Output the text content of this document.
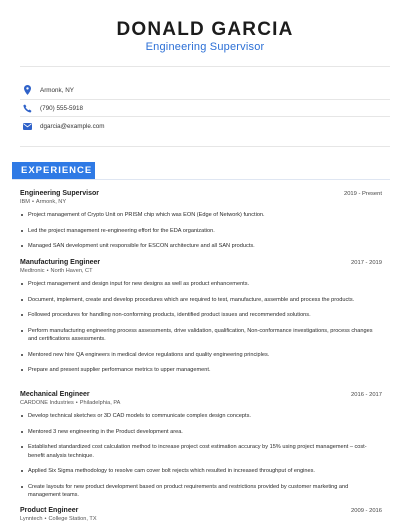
DONALD GARCIA
Engineering Supervisor
Armonk, NY
(790) 555-5918
dgarcia@example.com
EXPERIENCE
Engineering Supervisor	2019 - Present
IBM • Armonk, NY
Project management of Crypto Unit on PRISM chip which was EON (Edge of Network) function.
Led the project management re-engineering effort for the EDA organization.
Managed SAN development unit responsible for ESCON architecture and all SAN products.
Manufacturing Engineer	2017 - 2019
Medtronic • North Haven, CT
Project management and design input for new designs as well as product enhancements.
Document, implement, create and develop procedures which are required to test, manufacture, assemble and process the products.
Followed procedures for handling non-conforming products, identified product issues and recommended solutions.
Perform manufacturing engineering process assessments, drive validation, qualification, Non-conformance investigations, process changes and certifications assessments.
Mentored new hire QA engineers in medical device regulations and quality engineering principles.
Prepare and present supplier performance metrics to upper management.
Mechanical Engineer	2016 - 2017
CARDONE Industries • Philadelphia, PA
Develop technical sketches or 3D CAD models to communicate complex design concepts.
Mentored 3 new engineering in the Product development area.
Established standardized cost calculation method to increase project cost estimation accuracy by 15% using project management – cost-benefit analysis technique.
Applied Six Sigma methodology to resolve cam cover bolt rejects which resulted in increased throughput of engines.
Create layouts for new product development based on product requirements and restrictions provided by customer marketing and management teams.
Product Engineer	2009 - 2016
Lynntech • College Station, TX
